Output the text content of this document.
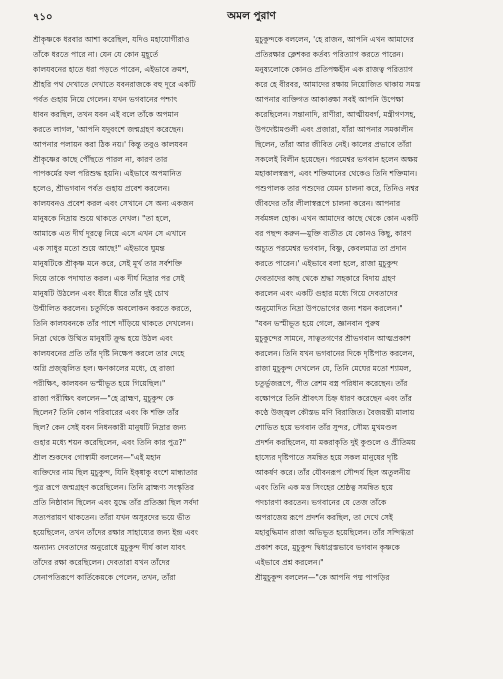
৭১০	অমল পুরাণ
শ্রীকৃষ্ণকে ধরবার আশা করেছিল, যদিও মহাযোগীরাও
তাঁকে ধরতে পারে না। যেন যে কোন মুহূর্তে
কালযবনের হাতে ধরা পড়তে পারেন, এইভাবে ক্রমশ,
শ্রীহরি পথ দেখাতে দেখাতে যবনরাজকে বহু দূরে একটি
পর্বত গুহায় নিয়ে গেলেন। যখন ভগবানের পশ্চাৎ
ধাবন করছিল, তখন যবন এই বলে তাঁকে অপমান
করতে লাগল, 'আপনি যদুবংশে জন্মগ্রহণ করেছেন।
আপনার পলায়ন করা ঠিক নয়।' কিন্তু তবুও কালযবন
শ্রীকৃষ্ণের কাছে পৌঁছতে পারল না, কারণ তার
পাপকর্মের ফল পরিশুদ্ধ হয়নি। এইভাবে অপমানিত
হলেও, শ্রীভগবান পর্বত গুহায় প্রবেশ করলেন।
কালযবনও প্রবেশ করল এবং সেখানে সে অন্য একজন
মানুষকে নিদ্রায় শুয়ে থাকতে দেখল। "তা হলে,
আমাকে এত দীর্ঘ দূরত্বে নিয়ে এসে এখন সে এখানে
এক সাধুর মতো শুয়ে আছে!" এইভাবে ঘুমন্ত
মানুষটিকে শ্রীকৃষ্ণ মনে করে, সেই মূর্খ তার সর্বশক্তি
দিয়ে তাকে পদাঘাত করল। এক দীর্ঘ নিদ্রার পর সেই
মানুষটি উঠলেন এবং ধীরে ধীরে তাঁর দুই চোখ
উন্মীলিত করলেন। চতুর্দিকে অবলোকন করতে করতে,
তিনি কালযবনকে তাঁর পাশে দাঁড়িয়ে থাকতে দেখলেন।
নিদ্রা থেকে উত্থিত মানুষটি ক্রুদ্ধ হয়ে উঠল এবং
কালযবনের প্রতি তাঁর দৃষ্টি নিক্ষেপ করলে তার দেহে
অগ্নি প্রজ্জ্বলিত হল। ক্ষণকালের মধ্যে, হে রাজা
পরীক্ষিৎ, কালযবন ভস্মীভূত হয়ে গিয়েছিল।"
রাজা পরীক্ষিৎ বললেন—"হে ব্রাহ্মণ, মুচুকুন্দ কে
ছিলেন? তিনি কোন পরিবারের এবং কি শক্তি তাঁর
ছিল? কেন সেই যবন নিধনকারী মানুষটি নিদ্রার জন্য
গুহার মধ্যে শয়ন করেছিলেন, এবং তিনি কার পুত্র?"
শ্রীল শুকদেব গোস্বামী বললেন—"এই মহান
ব্যক্তিদের নাম ছিল মুচুকুন্দ, যিনি ইক্ষ্বাকু বংশে মান্ধাতার
পুত্র রূপে জন্মগ্রহণ করেছিলেন। তিনি ব্রাহ্মণ্য সংস্কৃতির
প্রতি নিষ্ঠাবান ছিলেন এবং যুদ্ধে তাঁর প্রতিজ্ঞা ছিল সর্বদা
সত্যপরায়ণ থাকতেন। তাঁরা যখন অসুরদের ভয়ে ভীত
হয়েছিলেন, তখন তাঁদের রক্ষার সাহায্যের জন্য ইন্দ্র এবং
অন্যান্য দেবতাদের অনুরোধে মুচুকুন্দ দীর্ঘ কাল যাবৎ
তাঁদের রক্ষা করেছিলেন। দেবতারা যখন তাঁদের
সেনাপতিরূপে কার্তিকেয়কে পেলেন, তখন, তাঁরা
মুচুকুন্দকে বললেন, 'হে রাজন, আপনি এখন আমাদের
প্রতিরক্ষার ক্লেশকর কর্তব্য পরিত্যাগ করতে পারেন।
মনুষ্যলোকে কোনও প্রতিপক্ষহীন এক রাজত্ব পরিত্যাগ
করে হে বীরবর, আমাদের রক্ষায় নিয়োজিত থাকায় সমস্ত
আপনার ব্যক্তিগত আকাঙ্ক্ষা সবই আপনি উপেক্ষা
করেছিলেন। সন্তানাদি, রাণীরা, আত্মীয়বর্গ, মন্ত্রীগণসহ,
উপদেষ্টামণ্ডলী এবং প্রজারা, যাঁরা আপনার সমকালীন
ছিলেন, তাঁরা আর জীবিত নেই। কালের প্রভাবে তাঁরা
সকলেই বিলীন হয়েছেন। পরমেশ্বর ভগবান হলেন অক্ষয়
মহাকালস্বরূপ, এবং শক্তিমানের থেকেও তিনি শক্তিমান।
পশুপালক তার পশুদের যেমন চালনা করে, তিনিও নশ্বর
জীবদের তাঁর লীলাস্বরূপে চালনা করেন। আপনার
সর্বমঙ্গল হোক। এখন আমাদের কাছে থেকে কোন একটি
বর পছন্দ করুন—মুক্তি ব্যতীত যে কোনও কিছু, কারণ
অচ্যুত পরমেশ্বর ভগবান, বিষ্ণু, কেবলমাত্র তা প্রদান
করতে পারেন।' এইভাবে বলা হলে, রাজা মুচুকুন্দ
দেবতাদের কাছ থেকে শ্রদ্ধা সহকারে বিদায় গ্রহণ
করলেন এবং একটি গুহার মধ্যে গিয়ে দেবতাদের
অনুমোদিত নিদ্রা উপভোগের জন্য শয়ন করলেন।"
"যবন ভস্মীভূত হয়ে গেলে, জ্ঞানবান পুরুষ
মুচুকুন্দের সামনে, সাত্বতগণের শ্রীভগবান আত্মপ্রকাশ
করলেন। তিনি যখন ভগবানের দিকে দৃষ্টিপাত করলেন,
রাজা মুচুকুন্দ দেখলেন যে, তিনি মেঘের মতো শ্যামল,
চতুর্ভুজরূপে, পীত রেশম বস্ত্র পরিধান করেছেন। তাঁর
বক্ষোপরে তিনি শ্রীবৎস চিহ্ন ধারণ করেছেন এবং তাঁর
কণ্ঠে উজ্জ্বল কৌস্তভ মণি বিরাজিত। বৈজয়ন্তী মালায়
শোভিত হয়ে ভগবান তাঁর সুন্দর, সৌম্য মুখমণ্ডল
প্রদর্শন করছিলেন, যা মকরাকৃতি দুই কুণ্ডলে ও প্রীতিময়
হাস্যের দৃষ্টিপাতে সমন্বিত হয়ে সকল মানুষের দৃষ্টি
আকর্ষণ করে। তাঁর যৌবনরূপ সৌন্দর্য ছিল অতুলনীয়
এবং তিনি এক মত্ত সিংহের শ্রেষ্ঠত্ব সমন্বিত হয়ে
পদচারণা করতেন। ভগবানের যে তেজ তাঁকে
অপরাজেয় রূপে প্রদর্শন করছিল, তা দেখে সেই
মহাবুদ্ধিমান রাজা অভিভূত হয়েছিলেন। তাঁর সন্দিগ্ধতা
প্রকাশ করে, মুচুকুন্দ দ্বিধাগ্রস্তভাবে ভগবান কৃষ্ণকে
এইভাবে প্রশ্ন করলেন।"
শ্রীমুচুকুন্দ বললেন—"কে আপনি পদ্ম পাপড়ির
